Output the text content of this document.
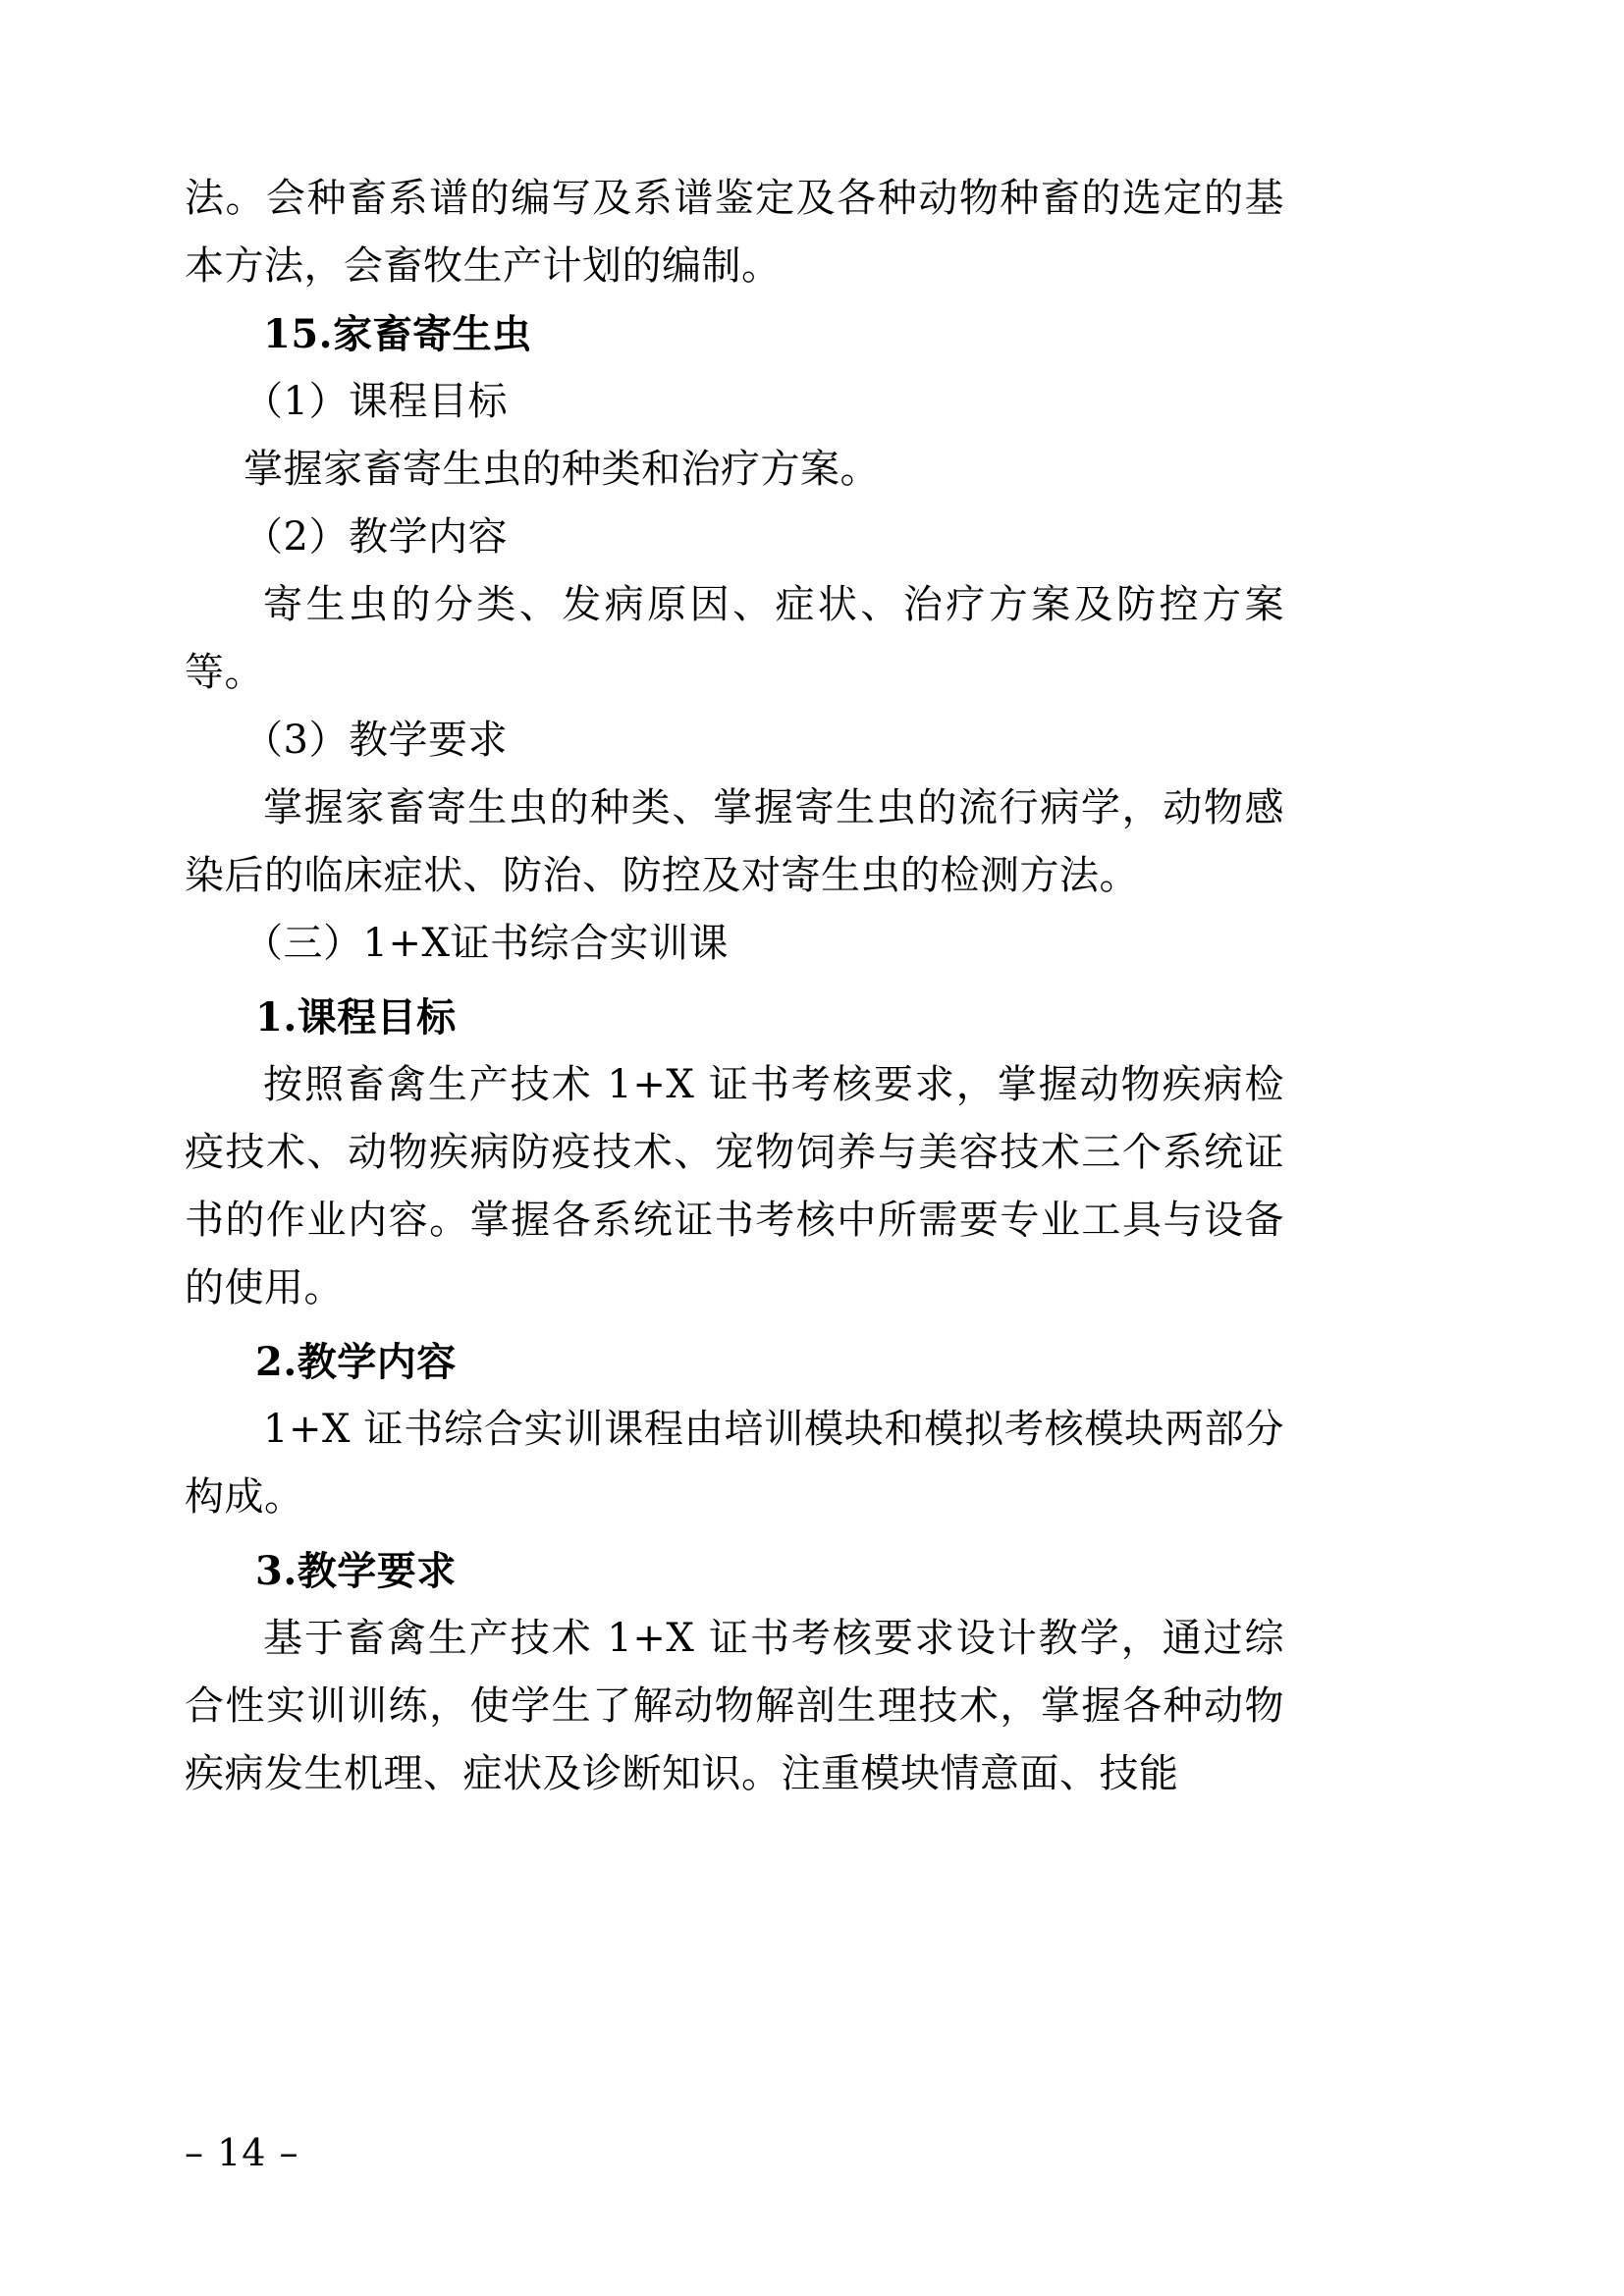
法。会种畜系谱的编写及系谱鉴定及各种动物种畜的选定的基本方法，会畜牧生产计划的编制。

15.家畜寄生虫

（1）课程目标

掌握家畜寄生虫的种类和治疗方案。

（2）教学内容

寄生虫的分类、发病原因、症状、治疗方案及防控方案等。

（3）教学要求

掌握家畜寄生虫的种类、掌握寄生虫的流行病学，动物感染后的临床症状、防治、防控及对寄生虫的检测方法。

（三）1+X证书综合实训课

1.课程目标

按照畜禽生产技术 1+X 证书考核要求，掌握动物疾病检疫技术、动物疾病防疫技术、宠物饲养与美容技术三个系统证书的作业内容。掌握各系统证书考核中所需要专业工具与设备的使用。

2.教学内容

1+X 证书综合实训课程由培训模块和模拟考核模块两部分构成。

3.教学要求

基于畜禽生产技术 1+X 证书考核要求设计教学，通过综合性实训训练，使学生了解动物解剖生理技术，掌握各种动物疾病发生机理、症状及诊断知识。注重模块情意面、技能

– 14 –
